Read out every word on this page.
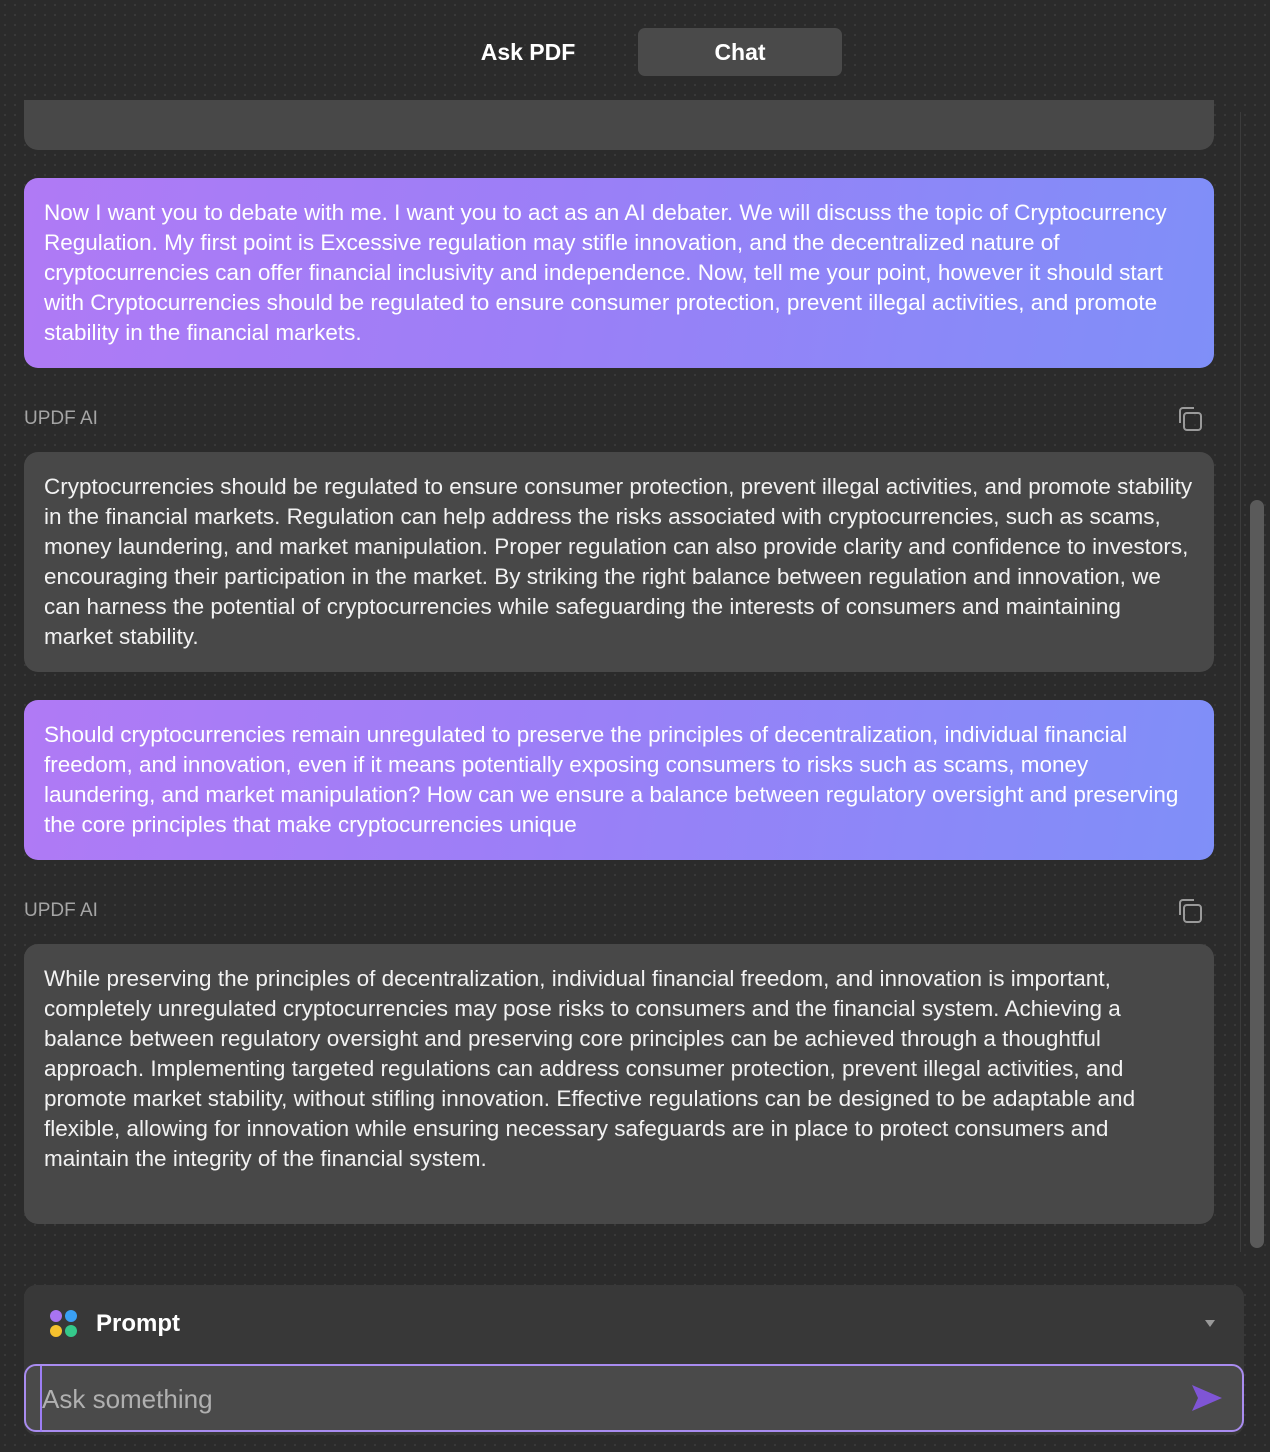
Ask PDF	Chat
Now I want you to debate with me. I want you to act as an AI debater. We will discuss the topic of Cryptocurrency Regulation. My first point is Excessive regulation may stifle innovation, and the decentralized nature of cryptocurrencies can offer financial inclusivity and independence. Now, tell me your point, however it should start with Cryptocurrencies should be regulated to ensure consumer protection, prevent illegal activities, and promote stability in the financial markets.
UPDF AI
Cryptocurrencies should be regulated to ensure consumer protection, prevent illegal activities, and promote stability in the financial markets. Regulation can help address the risks associated with cryptocurrencies, such as scams, money laundering, and market manipulation. Proper regulation can also provide clarity and confidence to investors, encouraging their participation in the market. By striking the right balance between regulation and innovation, we can harness the potential of cryptocurrencies while safeguarding the interests of consumers and maintaining market stability.
Should cryptocurrencies remain unregulated to preserve the principles of decentralization, individual financial freedom, and innovation, even if it means potentially exposing consumers to risks such as scams, money laundering, and market manipulation? How can we ensure a balance between regulatory oversight and preserving the core principles that make cryptocurrencies unique
UPDF AI
While preserving the principles of decentralization, individual financial freedom, and innovation is important, completely unregulated cryptocurrencies may pose risks to consumers and the financial system. Achieving a balance between regulatory oversight and preserving core principles can be achieved through a thoughtful approach. Implementing targeted regulations can address consumer protection, prevent illegal activities, and promote market stability, without stifling innovation. Effective regulations can be designed to be adaptable and flexible, allowing for innovation while ensuring necessary safeguards are in place to protect consumers and maintain the integrity of the financial system.
Prompt
Ask something
